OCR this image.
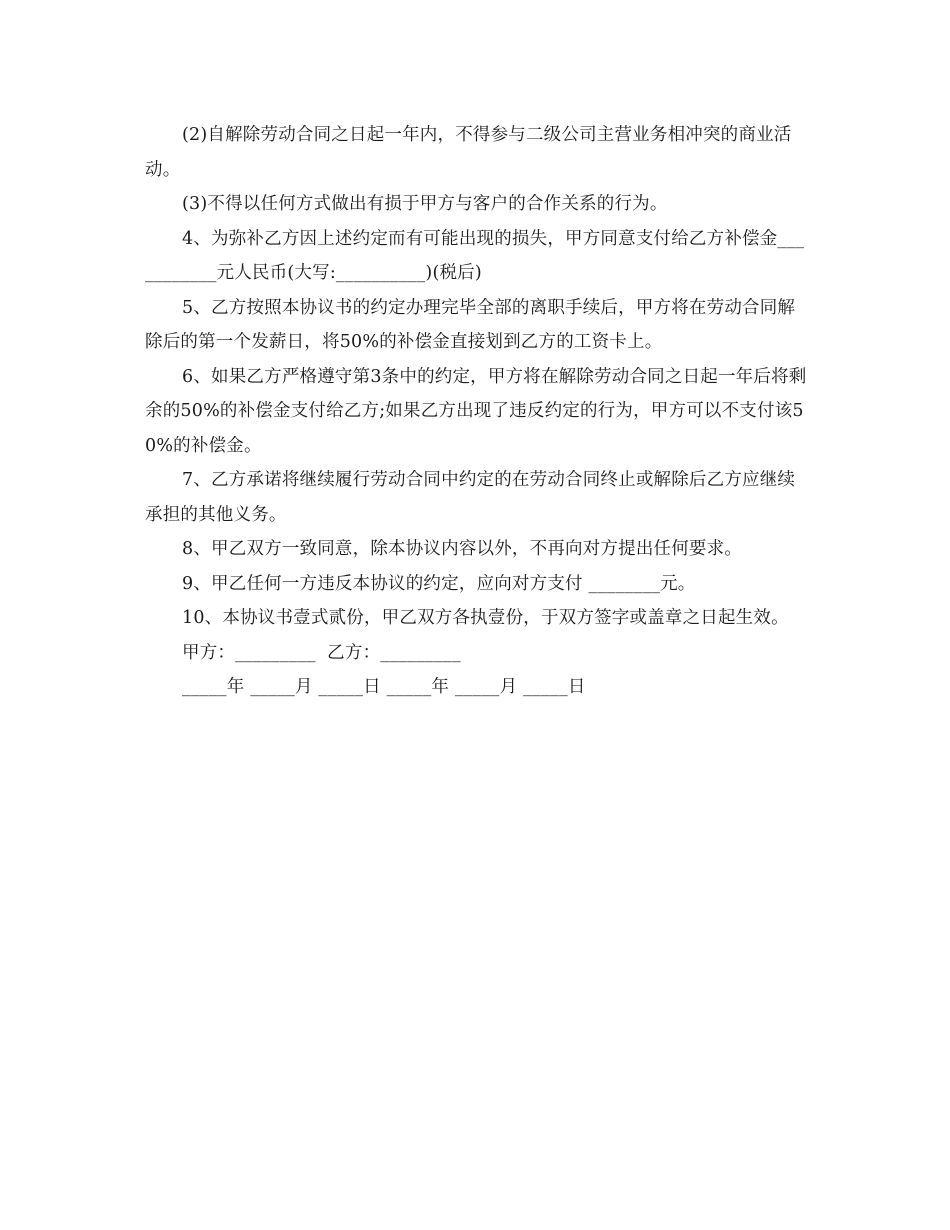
(2)自解除劳动合同之日起一年内，不得参与二级公司主营业务相冲突的商业活动。

(3)不得以任何方式做出有损于甲方与客户的合作关系的行为。

4、为弥补乙方因上述约定而有可能出现的损失，甲方同意支付给乙方补偿金___________元人民币(大写:__________)(税后)

5、乙方按照本协议书的约定办理完毕全部的离职手续后，甲方将在劳动合同解除后的第一个发薪日，将50%的补偿金直接划到乙方的工资卡上。

6、如果乙方严格遵守第3条中的约定，甲方将在解除劳动合同之日起一年后将剩余的50%的补偿金支付给乙方;如果乙方出现了违反约定的行为，甲方可以不支付该50%的补偿金。

7、乙方承诺将继续履行劳动合同中约定的在劳动合同终止或解除后乙方应继续承担的其他义务。

8、甲乙双方一致同意，除本协议内容以外，不再向对方提出任何要求。

9、甲乙任何一方违反本协议的约定，应向对方支付 ________元。

10、本协议书壹式贰份，甲乙双方各执壹份，于双方签字或盖章之日起生效。

甲方：_________  乙方：_________

_____年 _____月 _____日 _____年 _____月 _____日
